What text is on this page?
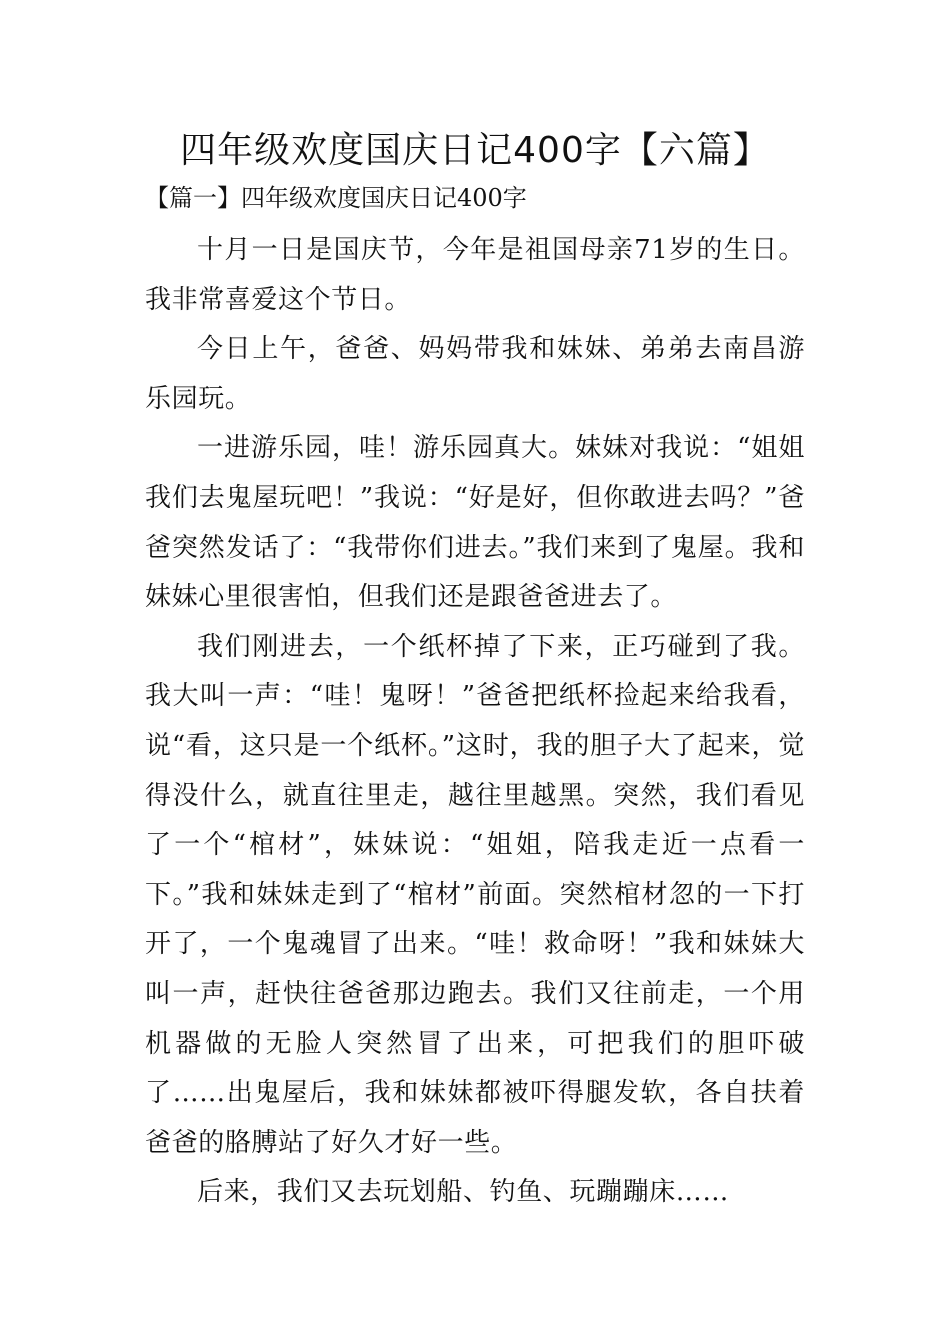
四年级欢度国庆日记400字【六篇】
【篇一】四年级欢度国庆日记400字

十月一日是国庆节，今年是祖国母亲71岁的生日。我非常喜爱这个节日。

今日上午，爸爸、妈妈带我和妹妹、弟弟去南昌游乐园玩。

一进游乐园，哇！游乐园真大。妹妹对我说：“姐姐我们去鬼屋玩吧！”我说：“好是好，但你敢进去吗？”爸爸突然发话了：“我带你们进去。”我们来到了鬼屋。我和妹妹心里很害怕，但我们还是跟爸爸进去了。

我们刚进去，一个纸杯掉了下来，正巧碰到了我。我大叫一声：“哇！鬼呀！”爸爸把纸杯捡起来给我看，说“看，这只是一个纸杯。”这时，我的胆子大了起来，觉得没什么，就直往里走，越往里越黑。突然，我们看见了一个“棺材”，妹妹说：“姐姐，陪我走近一点看一下。”我和妹妹走到了“棺材”前面。突然棺材忽的一下打开了，一个鬼魂冒了出来。“哇！救命呀！”我和妹妹大叫一声，赶快往爸爸那边跑去。我们又往前走，一个用机器做的无脸人突然冒了出来，可把我们的胆吓破了……出鬼屋后，我和妹妹都被吓得腿发软，各自扶着爸爸的胳膊站了好久才好一些。

后来，我们又去玩划船、钓鱼、玩蹦蹦床……
